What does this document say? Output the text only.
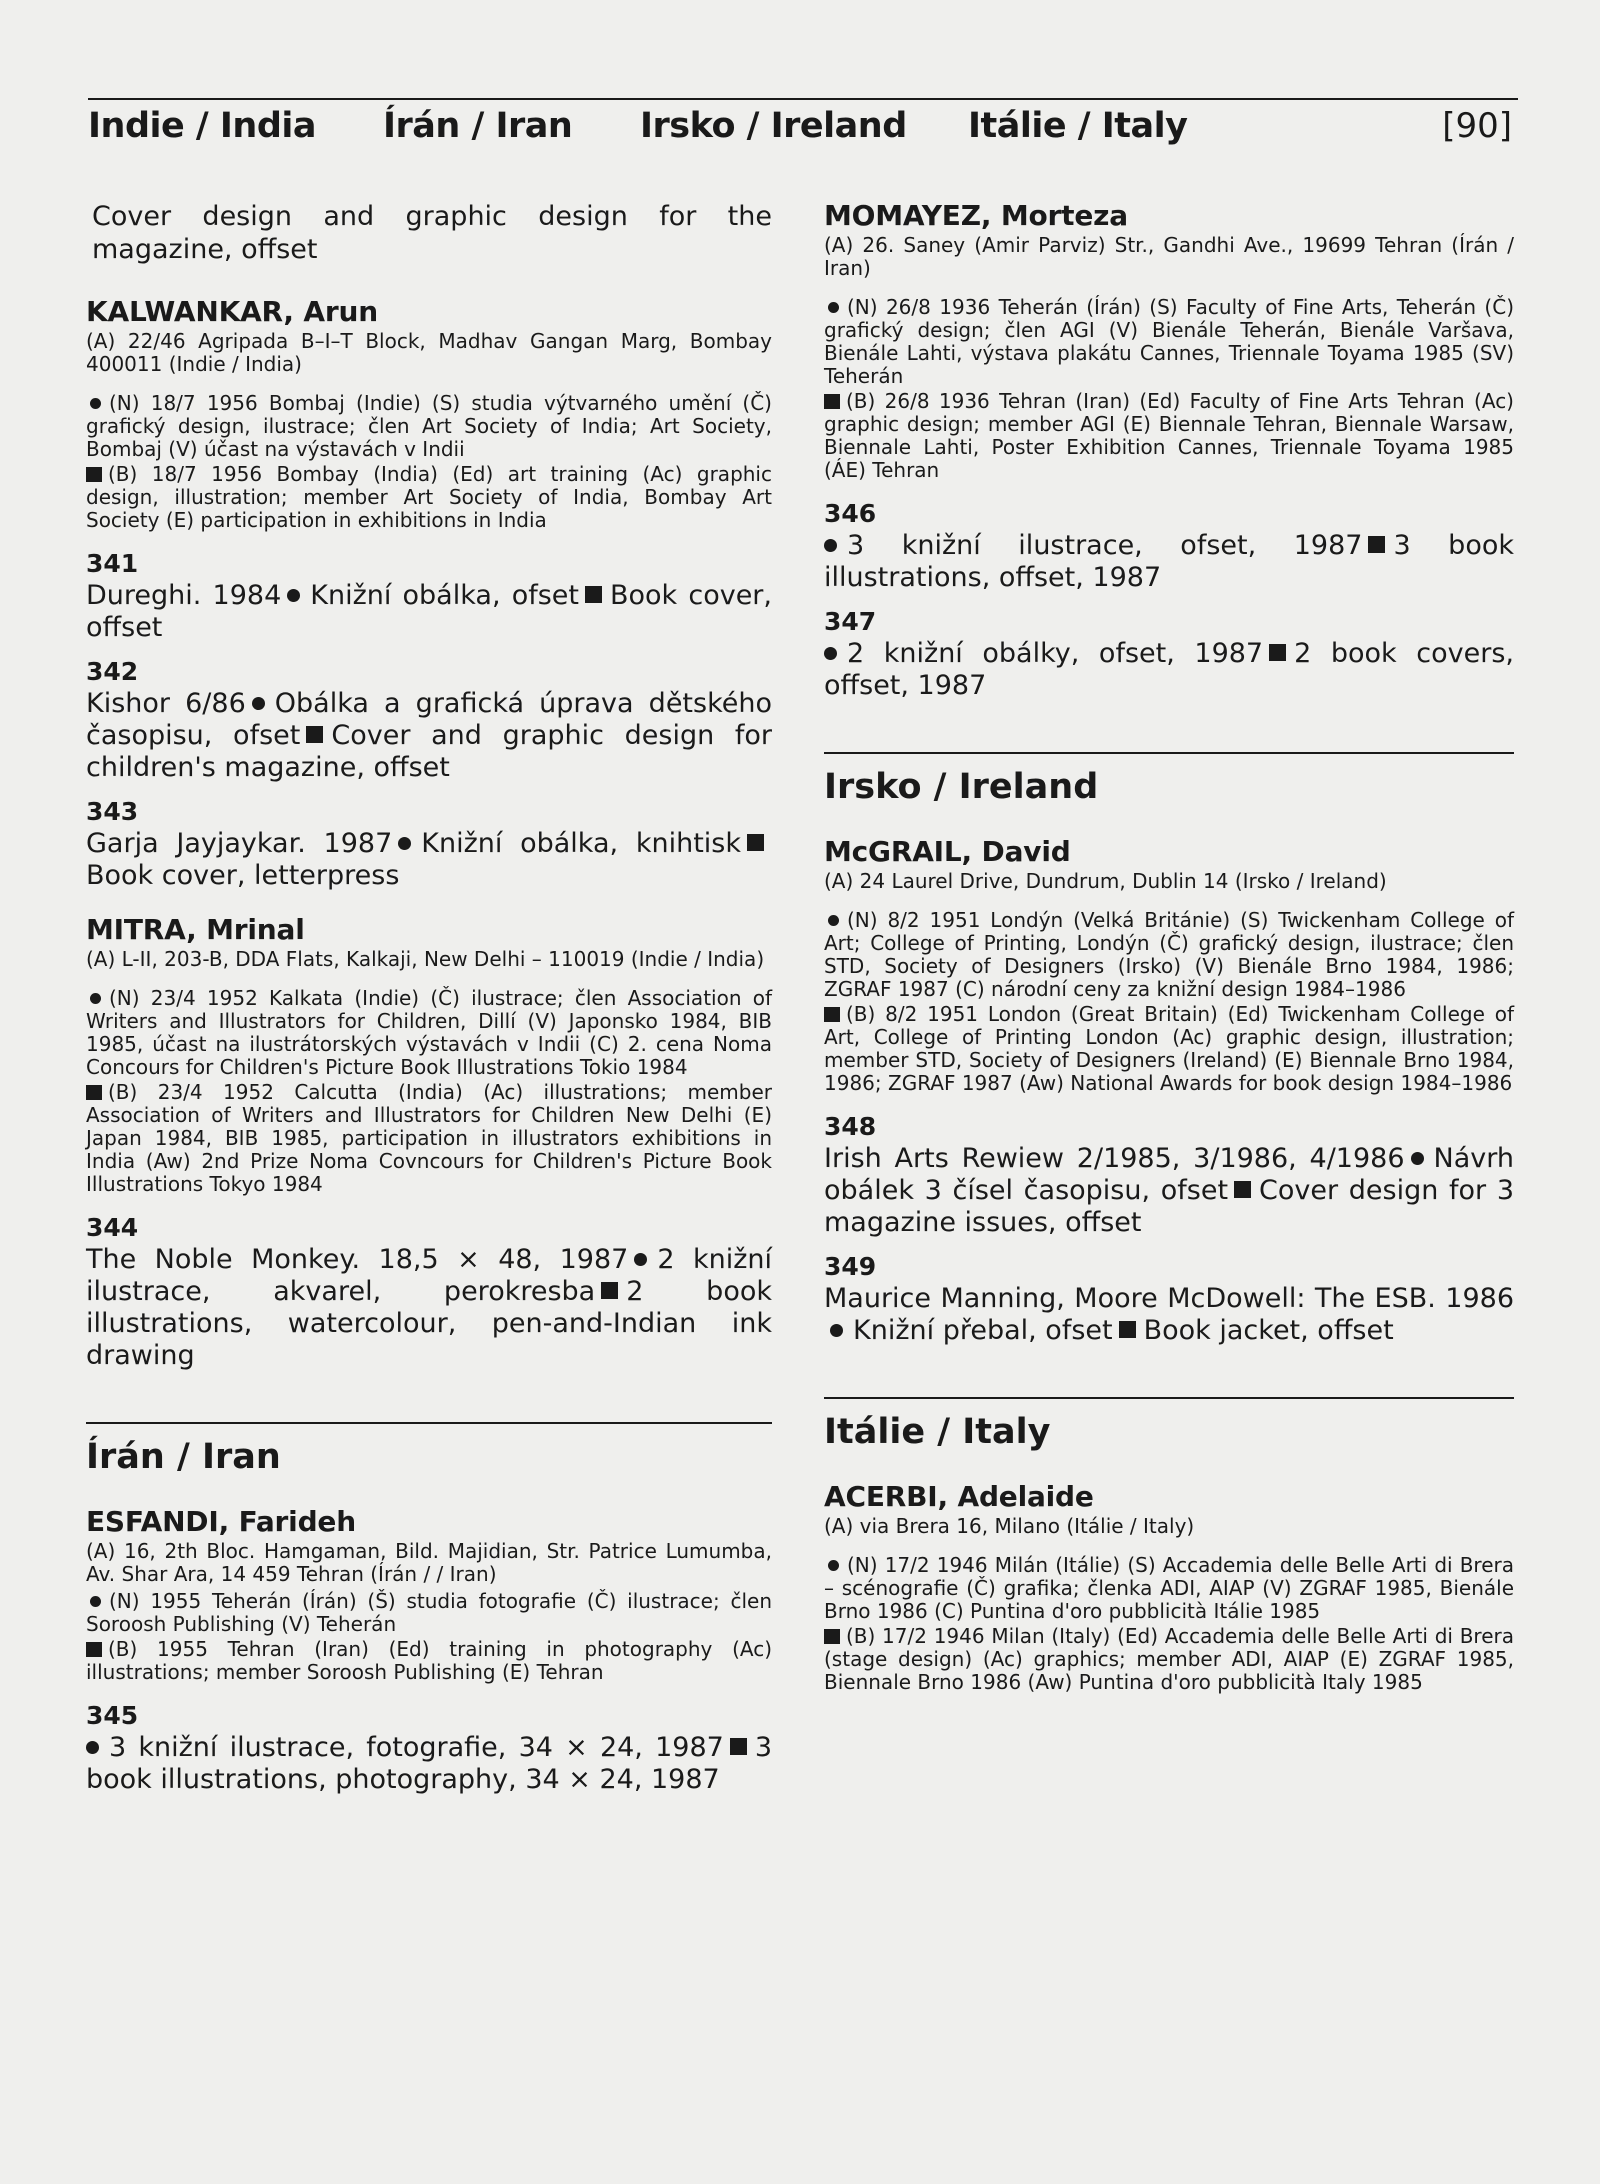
Indie / India Írán / Iran Irsko / Ireland Itálie / Italy	[90]

Cover design and graphic design for the magazine, offset

KALWANKAR, Arun

(A) 22/46 Agripada B–I–T Block, Madhav Gangan Marg, Bombay 400011 (Indie / India)

(N) 18/7 1956 Bombaj (Indie) (S) studia výtvarného umění (Č) grafický design, ilustrace; člen Art Society of India; Art Society, Bombaj (V) účast na výstavách v Indii

(B) 18/7 1956 Bombay (India) (Ed) art training (Ac) graphic design, illustration; member Art Society of India, Bombay Art Society (E) participation in exhibitions in India

341

Dureghi. 1984 Knižní obálka, ofset Book cover, offset

342

Kishor 6/86 Obálka a grafická úprava dětského časopisu, ofset Cover and graphic design for children's magazine, offset

343

Garja Jayjaykar. 1987 Knižní obálka, knihtiskBook cover, letterpress

MITRA, Mrinal

(A) L-II, 203-B, DDA Flats, Kalkaji, New Delhi – 110019 (Indie / India)

(N) 23/4 1952 Kalkata (Indie) (Č) ilustrace; člen Association of Writers and Illustrators for Children, Dillí (V) Japonsko 1984, BIB 1985, účast na ilustrátorských výstavách v Indii (C) 2. cena Noma Concours for Children's Picture Book Illustrations Tokio 1984

(B) 23/4 1952 Calcutta (India) (Ac) illustrations; member Association of Writers and Illustrators for Children New Delhi (E) Japan 1984, BIB 1985, participation in illustrators exhibitions in India (Aw) 2nd Prize Noma Covncours for Children's Picture Book Illustrations Tokyo 1984

344

The Noble Monkey. 18,5 × 48, 1987 2 knižní ilustrace, akvarel, perokresba 2 book illustrations, watercolour, pen-and-Indian ink drawing

Írán / Iran

ESFANDI, Farideh

(A) 16, 2th Bloc. Hamgaman, Bild. Majidian, Str. Patrice Lumumba, Av. Shar Ara, 14 459 Tehran (Írán / / Iran)

(N) 1955 Teherán (Írán) (Š) studia fotografie (Č) ilustrace; člen Soroosh Publishing (V) Teherán

(B) 1955 Tehran (Iran) (Ed) training in photography (Ac) illustrations; member Soroosh Publishing (E) Tehran

345

3 knižní ilustrace, fotografie, 34 × 24, 1987 3 book illustrations, photography, 34 × 24, 1987

MOMAYEZ, Morteza

(A) 26. Saney (Amir Parviz) Str., Gandhi Ave., 19699 Tehran (Írán / Iran)

(N) 26/8 1936 Teherán (Írán) (S) Faculty of Fine Arts, Teherán (Č) grafický design; člen AGI (V) Bienále Teherán, Bienále Varšava, Bienále Lahti, výstava plakátu Cannes, Triennale Toyama 1985 (SV) Teherán

(B) 26/8 1936 Tehran (Iran) (Ed) Faculty of Fine Arts Tehran (Ac) graphic design; member AGI (E) Biennale Tehran, Biennale Warsaw, Biennale Lahti, Poster Exhibition Cannes, Triennale Toyama 1985 (ÁE) Tehran

346

3 knižní ilustrace, ofset, 1987 3 book illustrations, offset, 1987

347

2 knižní obálky, ofset, 1987 2 book covers, offset, 1987

Irsko / Ireland

McGRAIL, David

(A) 24 Laurel Drive, Dundrum, Dublin 14 (Irsko / Ireland)

(N) 8/2 1951 Londýn (Velká Británie) (S) Twickenham College of Art; College of Printing, Londýn (Č) grafický design, ilustrace; člen STD, Society of Designers (Irsko) (V) Bienále Brno 1984, 1986; ZGRAF 1987 (C) národní ceny za knižní design 1984–1986

(B) 8/2 1951 London (Great Britain) (Ed) Twickenham College of Art, College of Printing London (Ac) graphic design, illustration; member STD, Society of Designers (Ireland) (E) Biennale Brno 1984, 1986; ZGRAF 1987 (Aw) National Awards for book design 1984–1986

348

Irish Arts Rewiew 2/1985, 3/1986, 4/1986 Návrh obálek 3 čísel časopisu, ofset Cover design for 3 magazine issues, offset

349

Maurice Manning, Moore McDowell: The ESB. 1986Knižní přebal, ofset Book jacket, offset

Itálie / Italy

ACERBI, Adelaide

(A) via Brera 16, Milano (Itálie / Italy)

(N) 17/2 1946 Milán (Itálie) (S) Accademia delle Belle Arti di Brera – scénografie (Č) grafika; členka ADI, AIAP (V) ZGRAF 1985, Bienále Brno 1986 (C) Puntina d'oro pubblicità Itálie 1985

(B) 17/2 1946 Milan (Italy) (Ed) Accademia delle Belle Arti di Brera (stage design) (Ac) graphics; member ADI, AIAP (E) ZGRAF 1985, Biennale Brno 1986 (Aw) Puntina d'oro pubblicità Italy 1985
